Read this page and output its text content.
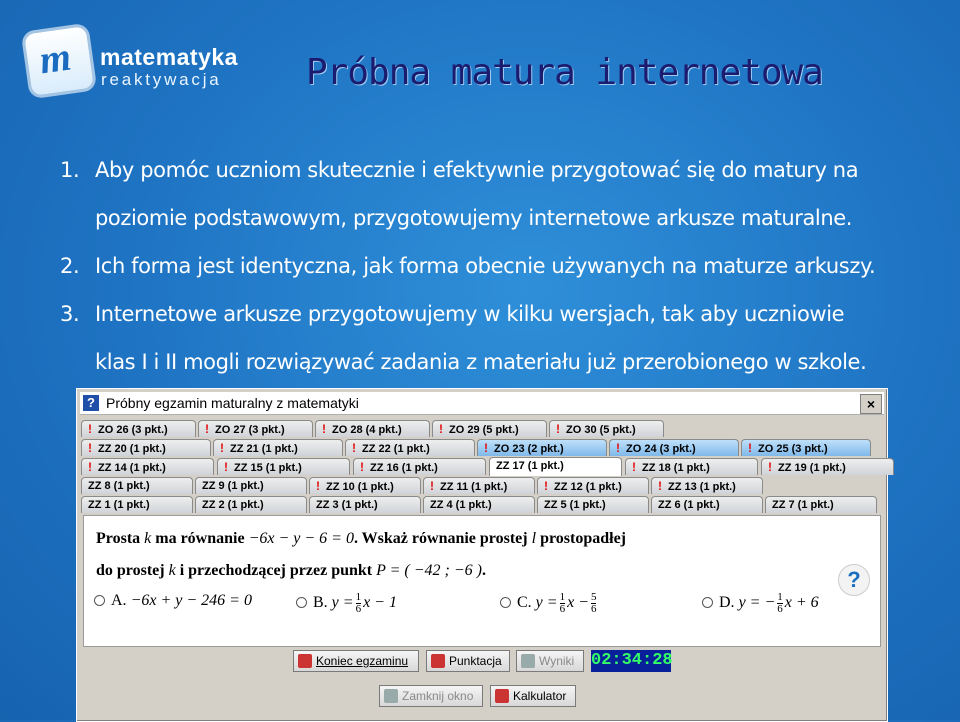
m matematyka
reaktywacja Próbna matura internetowa
1. Aby pomóc uczniom skutecznie i efektywnie przygotować się do matury na
poziomie podstawowym, przygotowujemy internetowe arkusze maturalne.
2. Ich forma jest identyczna, jak forma obecnie używanych na maturze arkuszy.
3. Internetowe arkusze przygotowujemy w kilku wersjach, tak aby uczniowie
klas I i II mogli rozwiązywać zadania z materiału już przerobionego w szkole.
? Próbny egzamin maturalny z matematyki	×
! ZO 26 (3 pkt.)	! ZO 27 (3 pkt.)	! ZO 28 (4 pkt.)	! ZO 29 (5 pkt.)	! ZO 30 (5 pkt.)
! ZZ 20 (1 pkt.)	! ZZ 21 (1 pkt.)	! ZZ 22 (1 pkt.)	! ZO 23 (2 pkt.)	! ZO 24 (3 pkt.)	! ZO 25 (3 pkt.)
! ZZ 14 (1 pkt.)	! ZZ 15 (1 pkt.)	! ZZ 16 (1 pkt.)	ZZ 17 (1 pkt.)	! ZZ 18 (1 pkt.)	! ZZ 19 (1 pkt.)
ZZ 8 (1 pkt.)	ZZ 9 (1 pkt.)	! ZZ 10 (1 pkt.)	! ZZ 11 (1 pkt.)	! ZZ 12 (1 pkt.)	! ZZ 13 (1 pkt.)
ZZ 1 (1 pkt.)	ZZ 2 (1 pkt.)	ZZ 3 (1 pkt.)	ZZ 4 (1 pkt.)	ZZ 5 (1 pkt.)	ZZ 6 (1 pkt.)	ZZ 7 (1 pkt.)
Prosta k ma równanie −6x − y − 6 = 0. Wskaż równanie prostej l prostopadłej
do prostej k i przechodzącej przez punkt P = ( −42 ; −6 ).
A. −6x + y − 246 = 0	B. $y = \frac{1}{6}$ x − 1	C. $y = \frac{1}{6}$ $x - \frac{5}{6}$	D. y = − $\frac{1}{6}$ x + 6
?
Koniec egzaminu	Punktacja	Wyniki 02:34:28
Zamknij okno	Kalkulator
